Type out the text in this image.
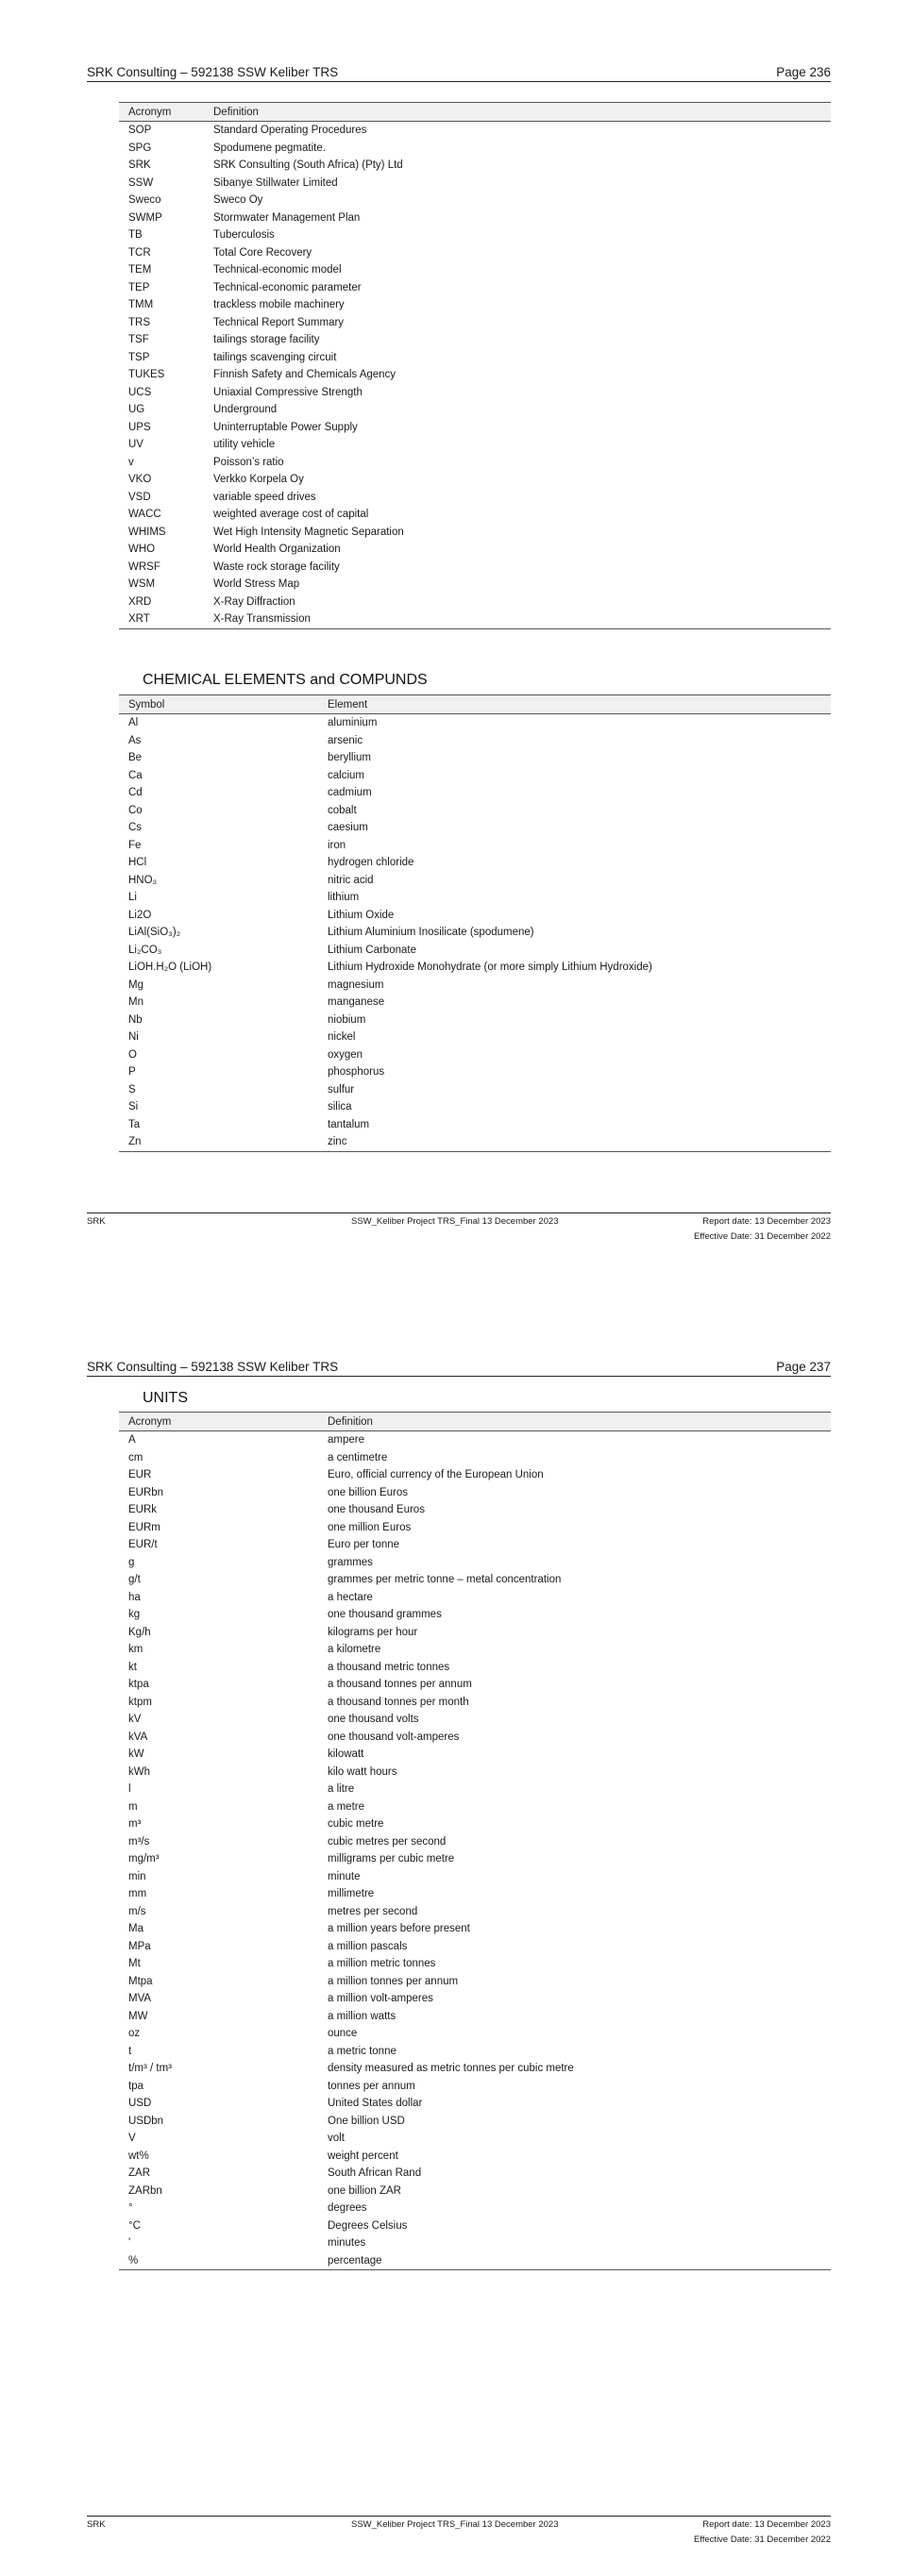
SRK Consulting – 592138 SSW Keliber TRS	Page 236
Acronym	Definition
SOP	Standard Operating Procedures
SPG	Spodumene pegmatite.
SRK	SRK Consulting (South Africa) (Pty) Ltd
SSW	Sibanye Stillwater Limited
Sweco	Sweco Oy
SWMP	Stormwater Management Plan
TB	Tuberculosis
TCR	Total Core Recovery
TEM	Technical-economic model
TEP	Technical-economic parameter
TMM	trackless mobile machinery
TRS	Technical Report Summary
TSF	tailings storage facility
TSP	tailings scavenging circuit
TUKES	Finnish Safety and Chemicals Agency
UCS	Uniaxial Compressive Strength
UG	Underground
UPS	Uninterruptable Power Supply
UV	utility vehicle
v	Poisson’s ratio
VKO	Verkko Korpela Oy
VSD	variable speed drives
WACC	weighted average cost of capital
WHIMS	Wet High Intensity Magnetic Separation
WHO	World Health Organization
WRSF	Waste rock storage facility
WSM	World Stress Map
XRD	X-Ray Diffraction
XRT	X-Ray Transmission
CHEMICAL ELEMENTS and COMPUNDS
Symbol	Element
Al	aluminium
As	arsenic
Be	beryllium
Ca	calcium
Cd	cadmium
Co	cobalt
Cs	caesium
Fe	iron
HCl	hydrogen chloride
HNO₃	nitric acid
Li	lithium
Li2O	Lithium Oxide
LiAl(SiO₃)₂	Lithium Aluminium Inosilicate (spodumene)
Li₂CO₃	Lithium Carbonate
LiOH.H₂O (LiOH)	Lithium Hydroxide Monohydrate (or more simply Lithium Hydroxide)
Mg	magnesium
Mn	manganese
Nb	niobium
Ni	nickel
O	oxygen
P	phosphorus
S	sulfur
Si	silica
Ta	tantalum
Zn	zinc
SRK	SSW_Keliber Project TRS_Final 13 December 2023	Report date: 13 December 2023
Effective Date: 31 December 2022
SRK Consulting – 592138 SSW Keliber TRS	Page 237
UNITS
Acronym	Definition
A	ampere
cm	a centimetre
EUR	Euro, official currency of the European Union
EURbn	one billion Euros
EURk	one thousand Euros
EURm	one million Euros
EUR/t	Euro per tonne
g	grammes
g/t	grammes per metric tonne – metal concentration
ha	a hectare
kg	one thousand grammes
Kg/h	kilograms per hour
km	a kilometre
kt	a thousand metric tonnes
ktpa	a thousand tonnes per annum
ktpm	a thousand tonnes per month
kV	one thousand volts
kVA	one thousand volt-amperes
kW	kilowatt
kWh	kilo watt hours
l	a litre
m	a metre
m³	cubic metre
m³/s	cubic metres per second
mg/m³	milligrams per cubic metre
min	minute
mm	millimetre
m/s	metres per second
Ma	a million years before present
MPa	a million pascals
Mt	a million metric tonnes
Mtpa	a million tonnes per annum
MVA	a million volt-amperes
MW	a million watts
oz	ounce
t	a metric tonne
t/m³ / tm³	density measured as metric tonnes per cubic metre
tpa	tonnes per annum
USD	United States dollar
USDbn	One billion USD
V	volt
wt%	weight percent
ZAR	South African Rand
ZARbn	one billion ZAR
°	degrees
°C	Degrees Celsius
'	minutes
%	percentage
SRK	SSW_Keliber Project TRS_Final 13 December 2023	Report date: 13 December 2023
Effective Date: 31 December 2022
